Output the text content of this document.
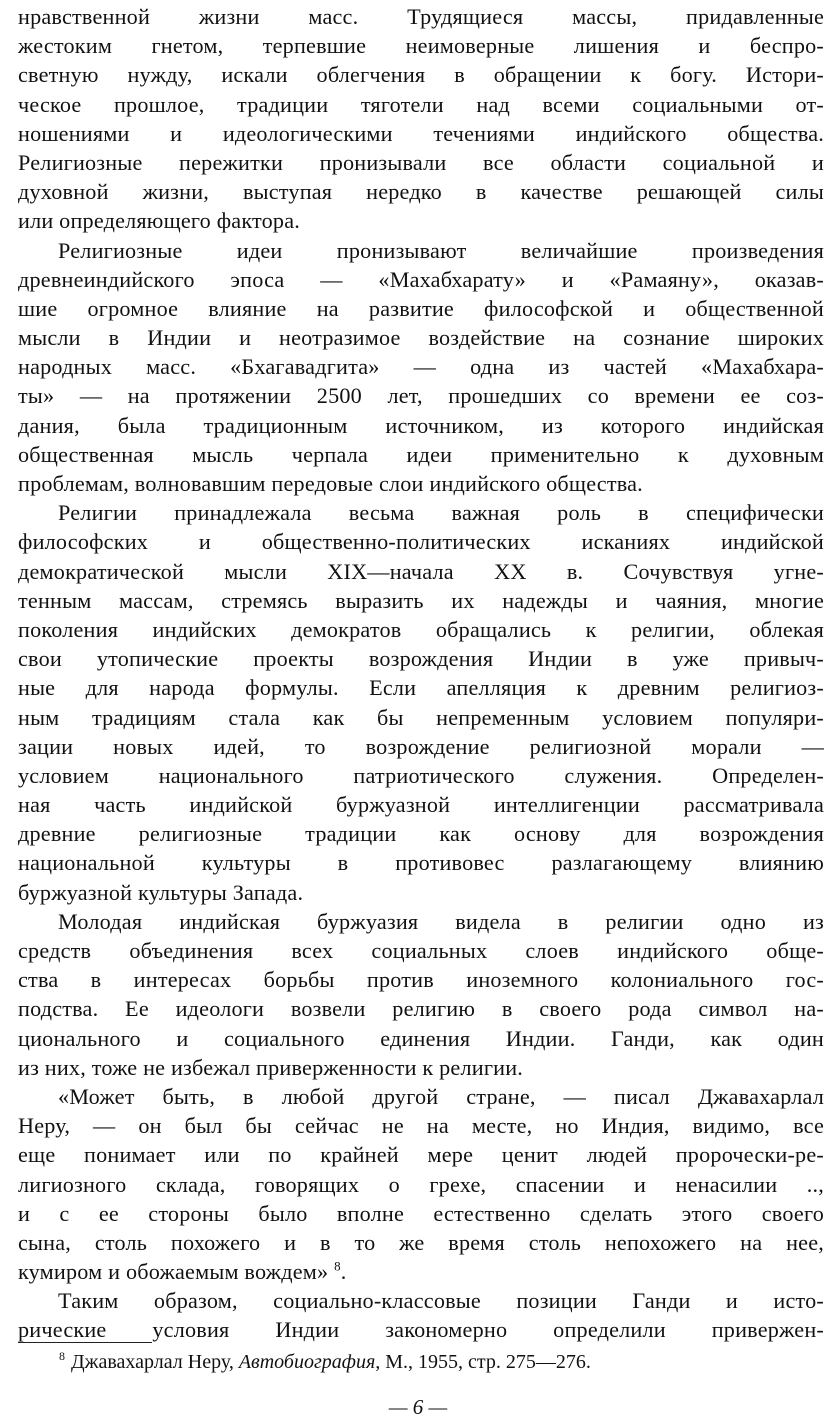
нравственной жизни масс. Трудящиеся массы, придавленные
жестоким гнетом, терпевшие неимоверные лишения и беспро-
светную нужду, искали облегчения в обращении к богу. Истори-
ческое прошлое, традиции тяготели над всеми социальными от-
ношениями и идеологическими течениями индийского общества.
Религиозные пережитки пронизывали все области социальной и
духовной жизни, выступая нередко в качестве решающей силы
или определяющего фактора.
Религиозные идеи пронизывают величайшие произведения
древнеиндийского эпоса — «Махабхарату» и «Рамаяну», оказав-
шие огромное влияние на развитие философской и общественной
мысли в Индии и неотразимое воздействие на сознание широких
народных масс. «Бхагавадгита» — одна из частей «Махабхара-
ты» — на протяжении 2500 лет, прошедших со времени ее соз-
дания, была традиционным источником, из которого индийская
общественная мысль черпала идеи применительно к духовным
проблемам, волновавшим передовые слои индийского общества.
Религии принадлежала весьма важная роль в специфически
философских и общественно-политических исканиях индийской
демократической мысли XIX—начала XX в. Сочувствуя угне-
тенным массам, стремясь выразить их надежды и чаяния, многие
поколения индийских демократов обращались к религии, облекая
свои утопические проекты возрождения Индии в уже привыч-
ные для народа формулы. Если апелляция к древним религиоз-
ным традициям стала как бы непременным условием популяри-
зации новых идей, то возрождение религиозной морали —
условием национального патриотического служения. Определен-
ная часть индийской буржуазной интеллигенции рассматривала
древние религиозные традиции как основу для возрождения
национальной культуры в противовес разлагающему влиянию
буржуазной культуры Запада.
Молодая индийская буржуазия видела в религии одно из
средств объединения всех социальных слоев индийского обще-
ства в интересах борьбы против иноземного колониального гос-
подства. Ее идеологи возвели религию в своего рода символ на-
ционального и социального единения Индии. Ганди, как один
из них, тоже не избежал приверженности к религии.
«Может быть, в любой другой стране, — писал Джавахарлал
Неру, — он был бы сейчас не на месте, но Индия, видимо, все
еще понимает или по крайней мере ценит людей пророчески-ре-
лигиозного склада, говорящих о грехе, спасении и ненасилии ..,
и с ее стороны было вполне естественно сделать этого своего
сына, столь похожего и в то же время столь непохожего на нее,
кумиром и обожаемым вождем» $^8$.
Таким образом, социально-классовые позиции Ганди и исто-
рические условия Индии закономерно определили привержен-
$^8$ Джавахарлал Неру, Автобиография, М., 1955, стр. 275—276.
— 6 —
